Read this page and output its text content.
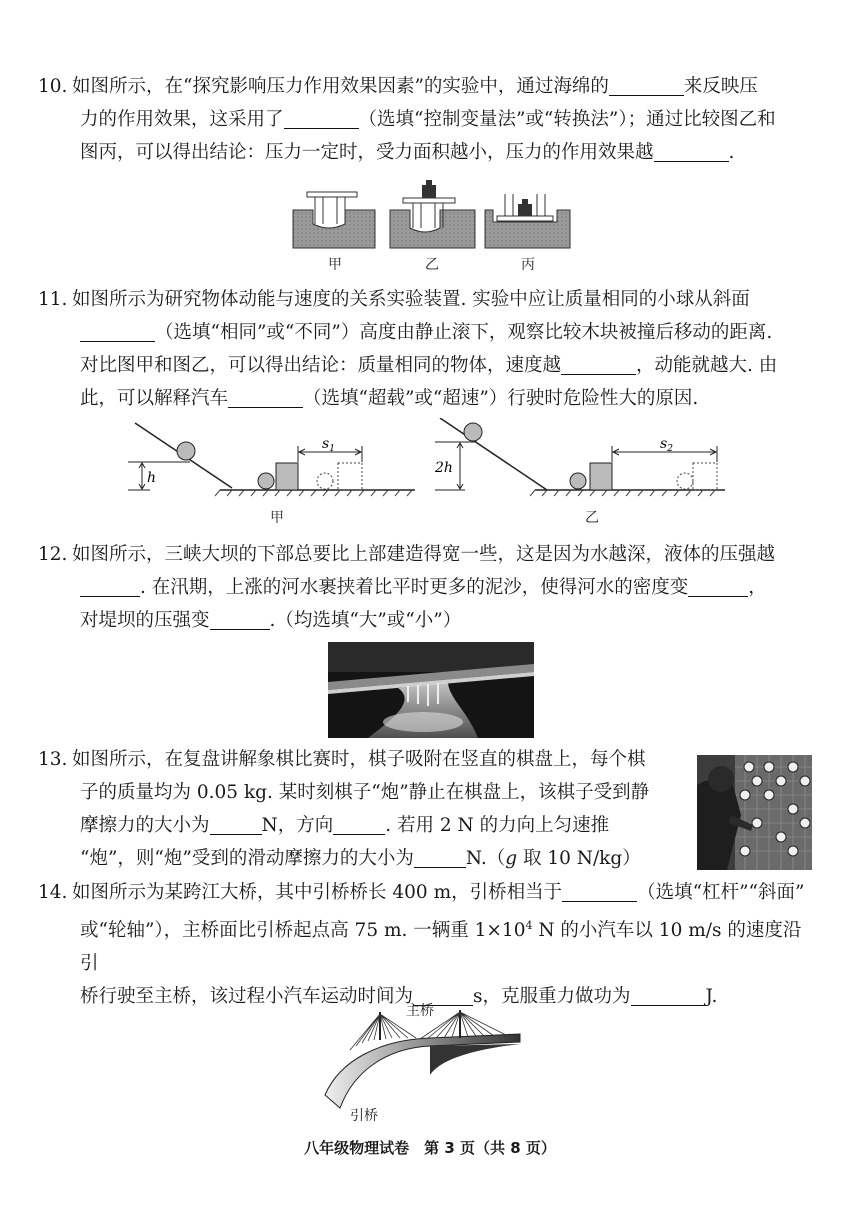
10. 如图所示，在“探究影响压力作用效果因素”的实验中，通过海绵的	来反映压

力的作用效果，这采用了	（选填“控制变量法”或“转换法”）；通过比较图乙和

图丙，可以得出结论：压力一定时，受力面积越小，压力的作用效果越	.

甲	乙	丙

11. 如图所示为研究物体动能与速度的关系实验装置. 实验中应让质量相同的小球从斜面

（选填“相同”或“不同”）高度由静止滚下，观察比较木块被撞后移动的距离.

对比图甲和图乙，可以得出结论：质量相同的物体，速度越	，动能就越大. 由

此，可以解释汽车	（选填“超载”或“超速”）行驶时危险性大的原因.

h
$s_1$
甲
2h
$s_2$
乙

12. 如图所示，三峡大坝的下部总要比上部建造得宽一些，这是因为水越深，液体的压强越

. 在汛期，上涨的河水裹挟着比平时更多的泥沙，使得河水的密度变	，

对堤坝的压强变	.（均选填“大”或“小”）

13. 如图所示，在复盘讲解象棋比赛时，棋子吸附在竖直的棋盘上，每个棋

子的质量均为 0.05 kg. 某时刻棋子“炮”静止在棋盘上，该棋子受到静

摩擦力的大小为	N，方向	. 若用 2 N 的力向上匀速推

“炮”，则“炮”受到的滑动摩擦力的大小为	N.（g 取 10 N/kg）

14. 如图所示为某跨江大桥，其中引桥桥长 400 m，引桥相当于	（选填“杠杆”“斜面”

或“轮轴”），主桥面比引桥起点高 75 m. 一辆重 $1\times 10^4$ N 的小汽车以 10 m/s 的速度沿引

桥行驶至主桥，该过程小汽车运动时间为	s，克服重力做功为	J.

主桥
引桥
八年级物理试卷　第 3 页（共 8 页）
